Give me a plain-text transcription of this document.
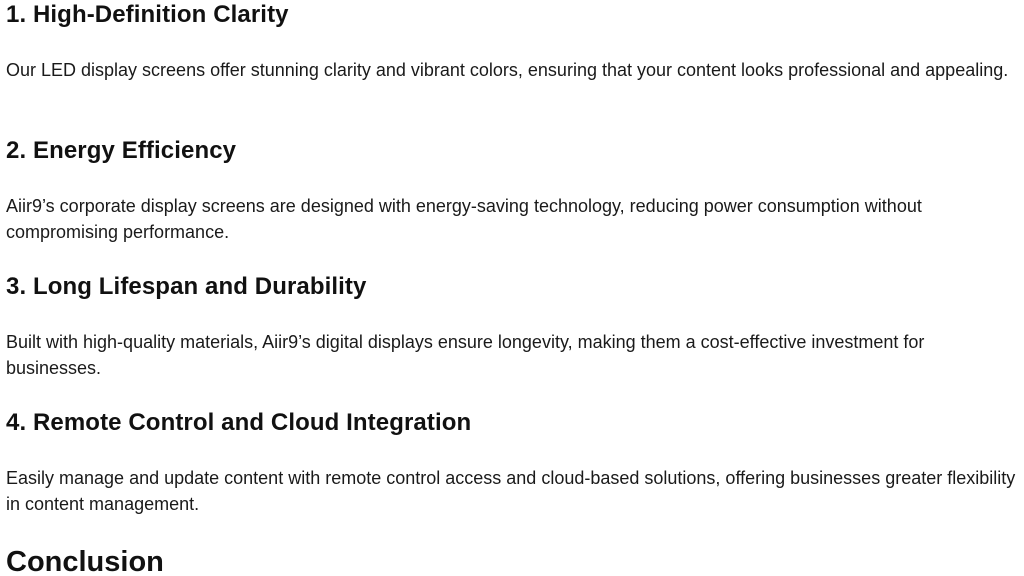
1. High-Definition Clarity

Our LED display screens offer stunning clarity and vibrant colors, ensuring that your content looks professional and appealing.

2. Energy Efficiency

Aiir9’s corporate display screens are designed with energy-saving technology, reducing power consumption without compromising performance.

3. Long Lifespan and Durability

Built with high-quality materials, Aiir9’s digital displays ensure longevity, making them a cost-effective investment for businesses.

4. Remote Control and Cloud Integration

Easily manage and update content with remote control access and cloud-based solutions, offering businesses greater flexibility in content management.

Conclusion
